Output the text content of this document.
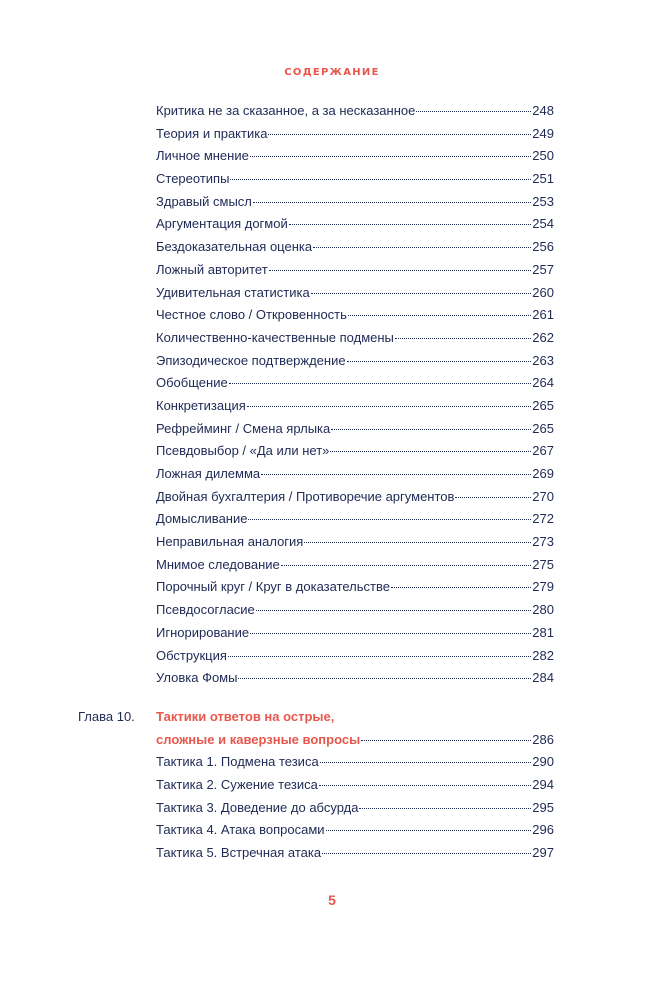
СОДЕРЖАНИЕ
Критика не за сказанное, а за несказанное	248
Теория и практика	249
Личное мнение	250
Стереотипы	251
Здравый смысл	253
Аргументация догмой	254
Бездоказательная оценка	256
Ложный авторитет	257
Удивительная статистика	260
Честное слово / Откровенность	261
Количественно-качественные подмены	262
Эпизодическое подтверждение	263
Обобщение	264
Конкретизация	265
Рефрейминг / Смена ярлыка	265
Псевдовыбор / «Да или нет»	267
Ложная дилемма	269
Двойная бухгалтерия / Противоречие аргументов	270
Домысливание	272
Неправильная аналогия	273
Мнимое следование	275
Порочный круг / Круг в доказательстве	279
Псевдосогласие	280
Игнорирование	281
Обструкция	282
Уловка Фомы	284
Глава 10. Тактики ответов на острые,
сложные и каверзные вопросы	286
Тактика 1. Подмена тезиса	290
Тактика 2. Сужение тезиса	294
Тактика 3. Доведение до абсурда	295
Тактика 4. Атака вопросами	296
Тактика 5. Встречная атака	297
5
